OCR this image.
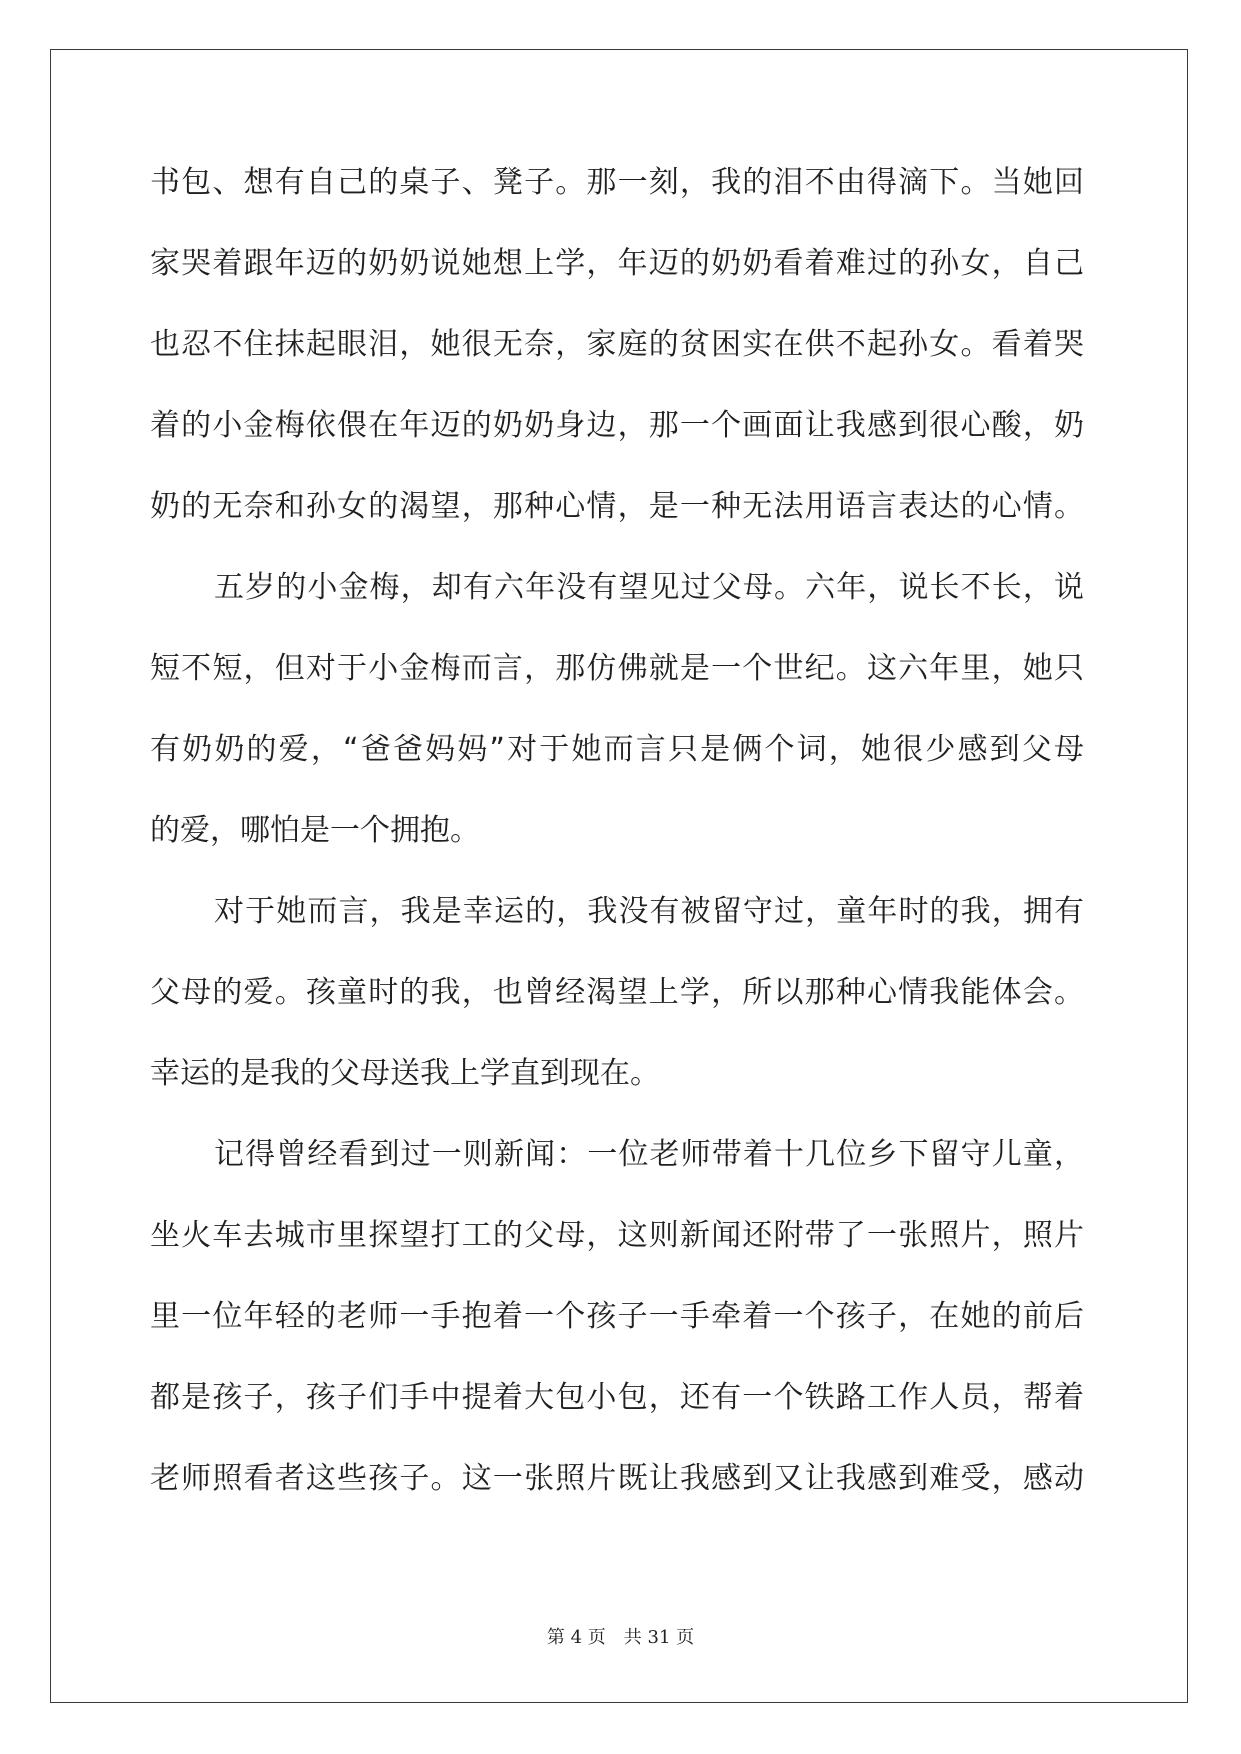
书包、想有自己的桌子、凳子。那一刻，我的泪不由得滴下。当她回
家哭着跟年迈的奶奶说她想上学，年迈的奶奶看着难过的孙女，自己
也忍不住抹起眼泪，她很无奈，家庭的贫困实在供不起孙女。看着哭
着的小金梅依偎在年迈的奶奶身边，那一个画面让我感到很心酸，奶
奶的无奈和孙女的渴望，那种心情，是一种无法用语言表达的心情。
五岁的小金梅，却有六年没有望见过父母。六年，说长不长，说
短不短，但对于小金梅而言，那仿佛就是一个世纪。这六年里，她只
有奶奶的爱，“爸爸妈妈”对于她而言只是俩个词，她很少感到父母
的爱，哪怕是一个拥抱。
对于她而言，我是幸运的，我没有被留守过，童年时的我，拥有
父母的爱。孩童时的我，也曾经渴望上学，所以那种心情我能体会。
幸运的是我的父母送我上学直到现在。
记得曾经看到过一则新闻：一位老师带着十几位乡下留守儿童，
坐火车去城市里探望打工的父母，这则新闻还附带了一张照片，照片
里一位年轻的老师一手抱着一个孩子一手牵着一个孩子，在她的前后
都是孩子，孩子们手中提着大包小包，还有一个铁路工作人员，帮着
老师照看者这些孩子。这一张照片既让我感到又让我感到难受，感动
第 4 页　共 31 页
